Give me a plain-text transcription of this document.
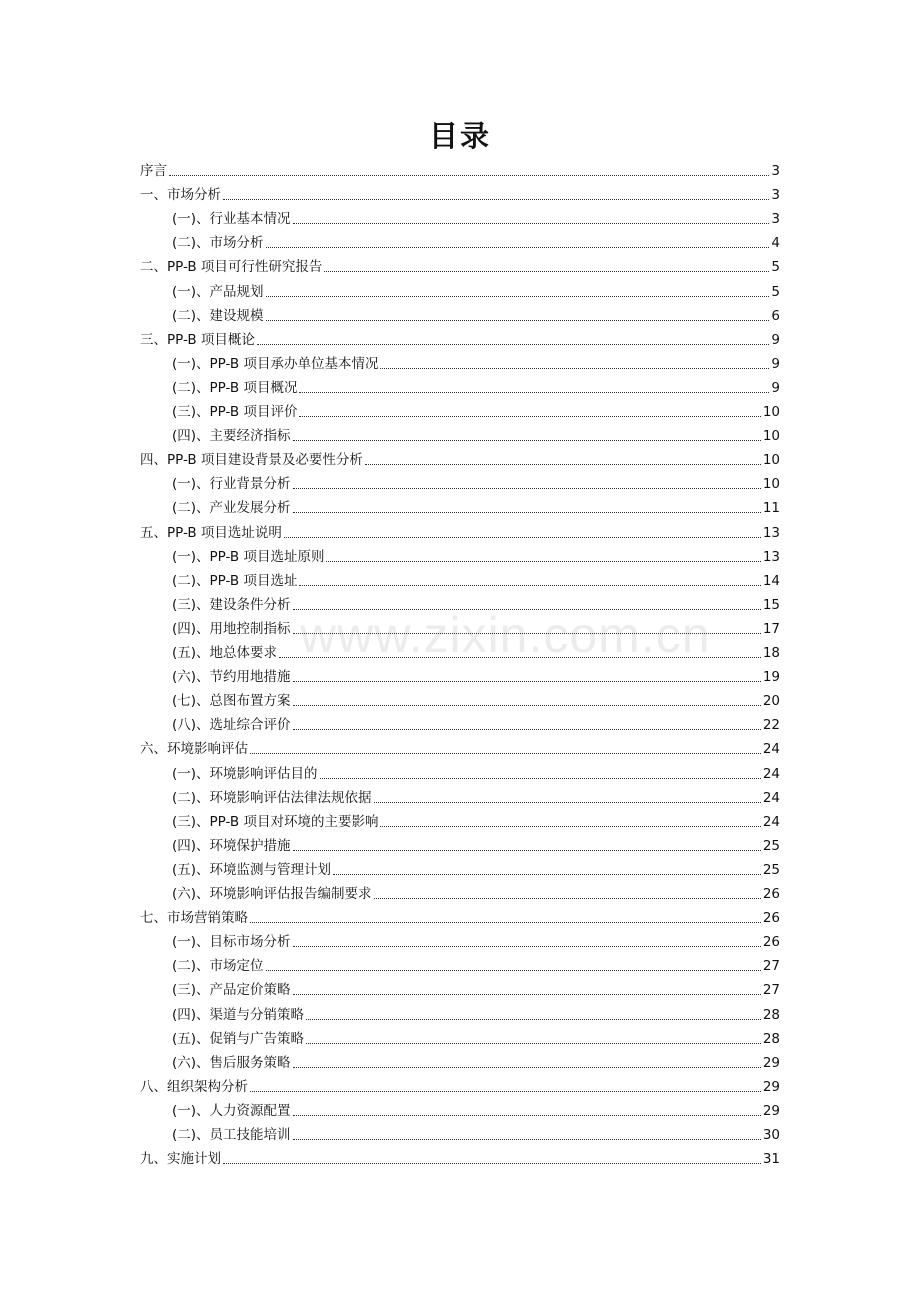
目录
www.zixin.com.cn
序言	3
一、市场分析	3
(一)、行业基本情况	3
(二)、市场分析	4
二、PP-B 项目可行性研究报告	5
(一)、产品规划	5
(二)、建设规模	6
三、PP-B 项目概论	9
(一)、PP-B 项目承办单位基本情况	9
(二)、PP-B 项目概况	9
(三)、PP-B 项目评价	10
(四)、主要经济指标	10
四、PP-B 项目建设背景及必要性分析	10
(一)、行业背景分析	10
(二)、产业发展分析	11
五、PP-B 项目选址说明	13
(一)、PP-B 项目选址原则	13
(二)、PP-B 项目选址	14
(三)、建设条件分析	15
(四)、用地控制指标	17
(五)、地总体要求	18
(六)、节约用地措施	19
(七)、总图布置方案	20
(八)、选址综合评价	22
六、环境影响评估	24
(一)、环境影响评估目的	24
(二)、环境影响评估法律法规依据	24
(三)、PP-B 项目对环境的主要影响	24
(四)、环境保护措施	25
(五)、环境监测与管理计划	25
(六)、环境影响评估报告编制要求	26
七、市场营销策略	26
(一)、目标市场分析	26
(二)、市场定位	27
(三)、产品定价策略	27
(四)、渠道与分销策略	28
(五)、促销与广告策略	28
(六)、售后服务策略	29
八、组织架构分析	29
(一)、人力资源配置	29
(二)、员工技能培训	30
九、实施计划	31
